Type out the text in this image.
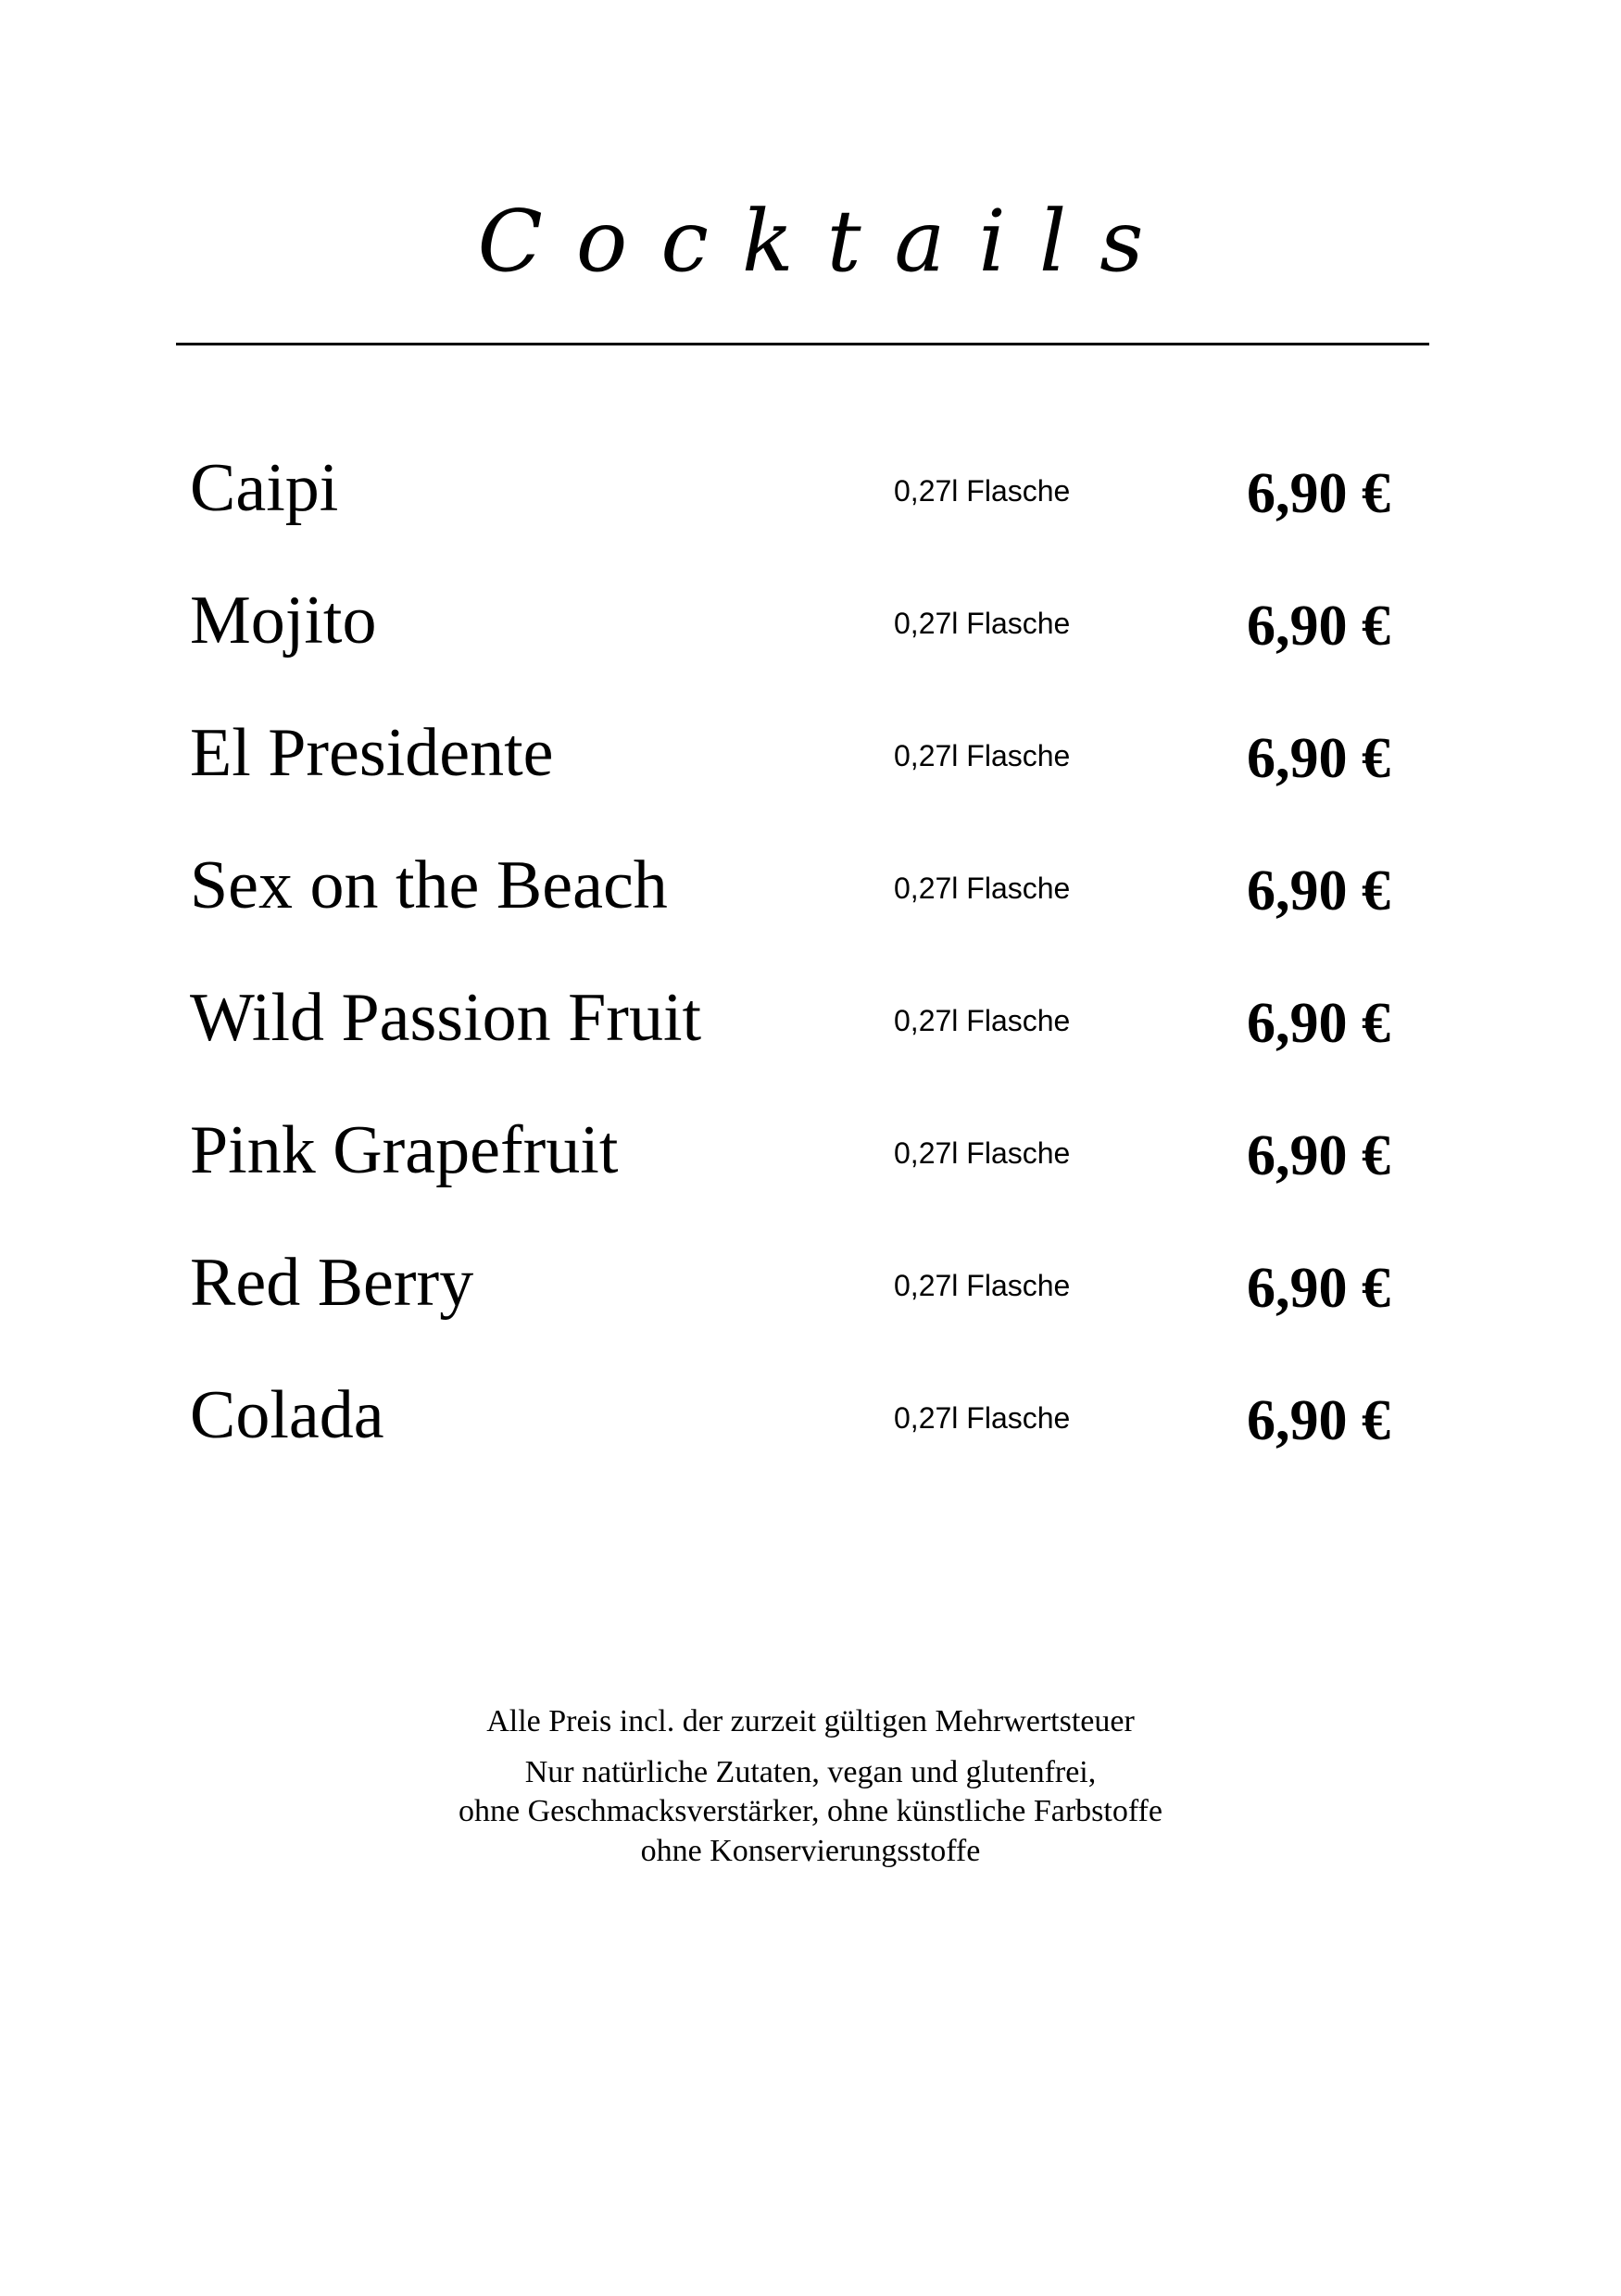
Cocktails
Caipi	0,27l Flasche	6,90 €
Mojito	0,27l Flasche	6,90 €
El Presidente	0,27l Flasche	6,90 €
Sex on the Beach	0,27l Flasche	6,90 €
Wild Passion Fruit	0,27l Flasche	6,90 €
Pink Grapefruit	0,27l Flasche	6,90 €
Red Berry	0,27l Flasche	6,90 €
Colada	0,27l Flasche	6,90 €
Alle Preis incl. der zurzeit gültigen Mehrwertsteuer
Nur natürliche Zutaten, vegan und glutenfrei,
ohne Geschmacksverstärker, ohne künstliche Farbstoffe
ohne Konservierungsstoffe
